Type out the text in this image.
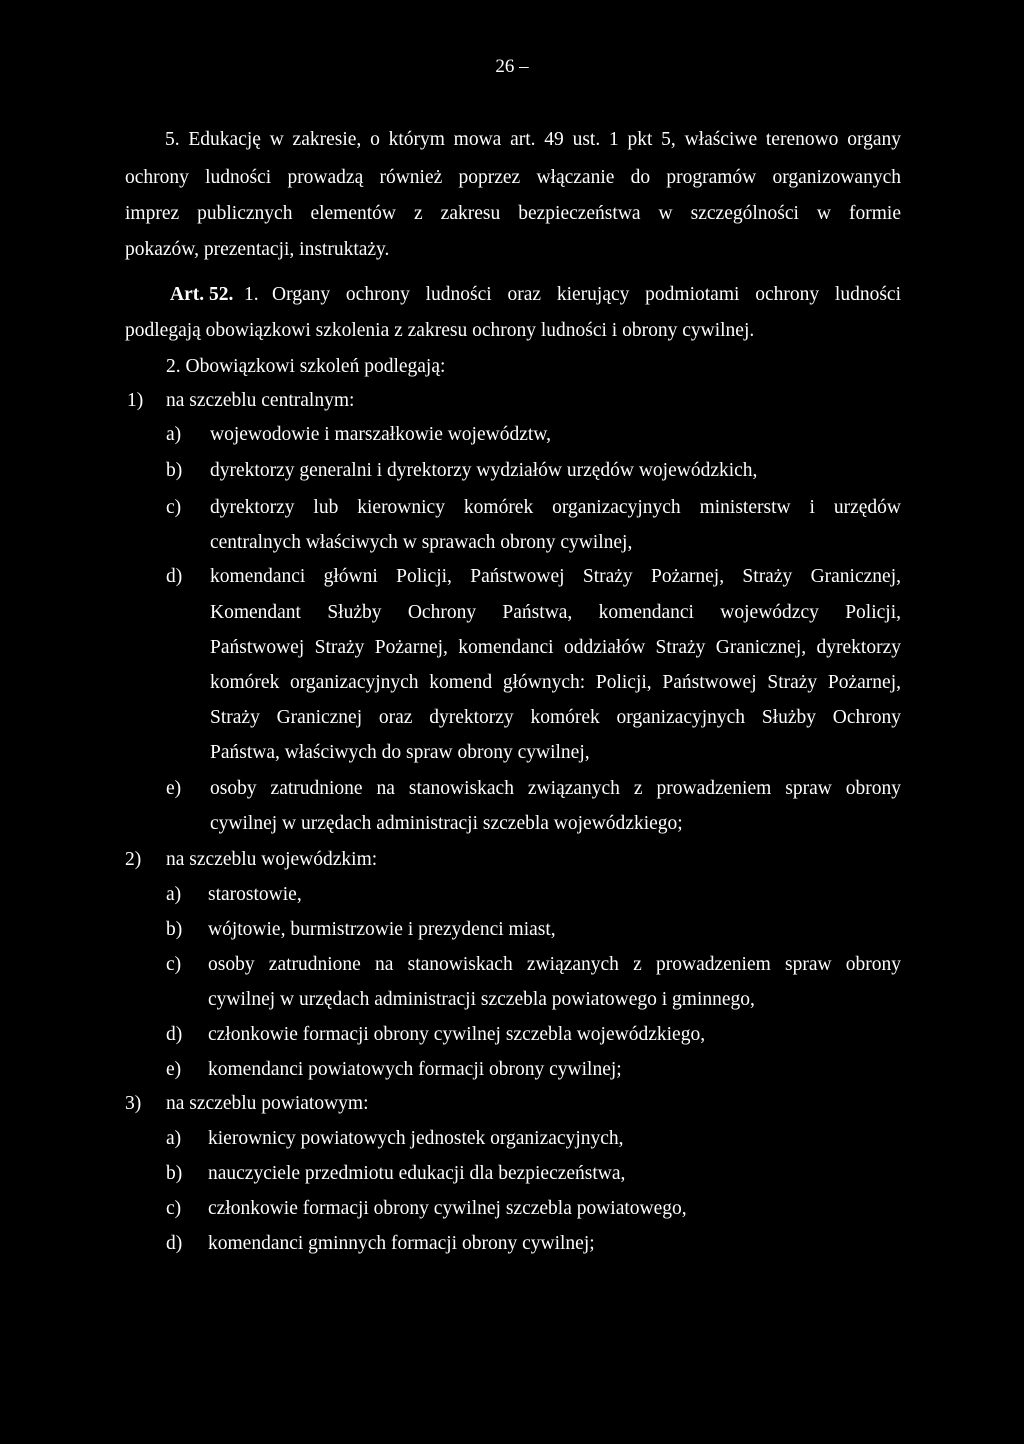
26 –
5. Edukację w zakresie, o którym mowa art. 49 ust. 1 pkt 5, właściwe terenowo organy
ochrony ludności prowadzą również poprzez włączanie do programów organizowanych
imprez publicznych elementów z zakresu bezpieczeństwa w szczególności w formie
pokazów, prezentacji, instruktaży.
Art. 52. 1. Organy ochrony ludności oraz kierujący podmiotami ochrony ludności
podlegają obowiązkowi szkolenia z zakresu ochrony ludności i obrony cywilnej.
2. Obowiązkowi szkoleń podlegają:
1) na szczeblu centralnym:
a) wojewodowie i marszałkowie województw,
b) dyrektorzy generalni i dyrektorzy wydziałów urzędów wojewódzkich,
c) dyrektorzy lub kierownicy komórek organizacyjnych ministerstw i urzędów
centralnych właściwych w sprawach obrony cywilnej,
d) komendanci główni Policji, Państwowej Straży Pożarnej, Straży Granicznej,
Komendant Służby Ochrony Państwa, komendanci wojewódzcy Policji,
Państwowej Straży Pożarnej, komendanci oddziałów Straży Granicznej, dyrektorzy
komórek organizacyjnych komend głównych: Policji, Państwowej Straży Pożarnej,
Straży Granicznej oraz dyrektorzy komórek organizacyjnych Służby Ochrony
Państwa, właściwych do spraw obrony cywilnej,
e) osoby zatrudnione na stanowiskach związanych z prowadzeniem spraw obrony
cywilnej w urzędach administracji szczebla wojewódzkiego;
2) na szczeblu wojewódzkim:
a) starostowie,
b) wójtowie, burmistrzowie i prezydenci miast,
c) osoby zatrudnione na stanowiskach związanych z prowadzeniem spraw obrony
cywilnej w urzędach administracji szczebla powiatowego i gminnego,
d) członkowie formacji obrony cywilnej szczebla wojewódzkiego,
e) komendanci powiatowych formacji obrony cywilnej;
3) na szczeblu powiatowym:
a) kierownicy powiatowych jednostek organizacyjnych,
b) nauczyciele przedmiotu edukacji dla bezpieczeństwa,
c) członkowie formacji obrony cywilnej szczebla powiatowego,
d) komendanci gminnych formacji obrony cywilnej;
